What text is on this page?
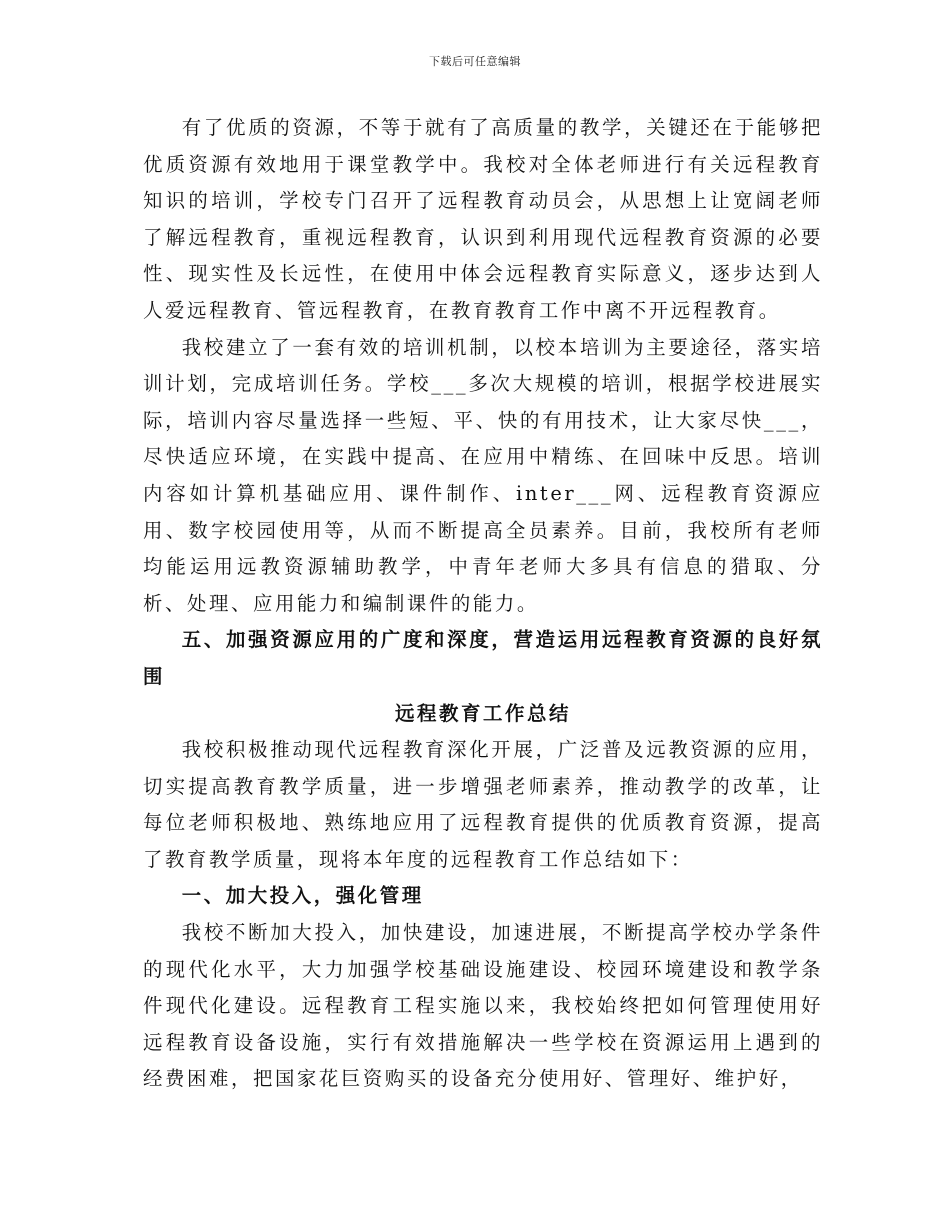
下载后可任意编辑

有了优质的资源，不等于就有了高质量的教学，关键还在于能够把优质资源有效地用于课堂教学中。我校对全体老师进行有关远程教育知识的培训，学校专门召开了远程教育动员会，从思想上让宽阔老师了解远程教育，重视远程教育，认识到利用现代远程教育资源的必要性、现实性及长远性，在使用中体会远程教育实际意义，逐步达到人人爱远程教育、管远程教育，在教育教育工作中离不开远程教育。

我校建立了一套有效的培训机制，以校本培训为主要途径，落实培训计划，完成培训任务。学校___多次大规模的培训，根据学校进展实际，培训内容尽量选择一些短、平、快的有用技术，让大家尽快___，尽快适应环境，在实践中提高、在应用中精练、在回味中反思。培训内容如计算机基础应用、课件制作、inter___网、远程教育资源应用、数字校园使用等，从而不断提高全员素养。目前，我校所有老师均能运用远教资源辅助教学，中青年老师大多具有信息的猎取、分析、处理、应用能力和编制课件的能力。

五、加强资源应用的广度和深度，营造运用远程教育资源的良好氛围

远程教育工作总结

我校积极推动现代远程教育深化开展，广泛普及远教资源的应用，切实提高教育教学质量，进一步增强老师素养，推动教学的改革，让每位老师积极地、熟练地应用了远程教育提供的优质教育资源，提高了教育教学质量，现将本年度的远程教育工作总结如下：

一、加大投入，强化管理

我校不断加大投入，加快建设，加速进展，不断提高学校办学条件的现代化水平，大力加强学校基础设施建设、校园环境建设和教学条件现代化建设。远程教育工程实施以来，我校始终把如何管理使用好远程教育设备设施，实行有效措施解决一些学校在资源运用上遇到的经费困难，把国家花巨资购买的设备充分使用好、管理好、维护好，
